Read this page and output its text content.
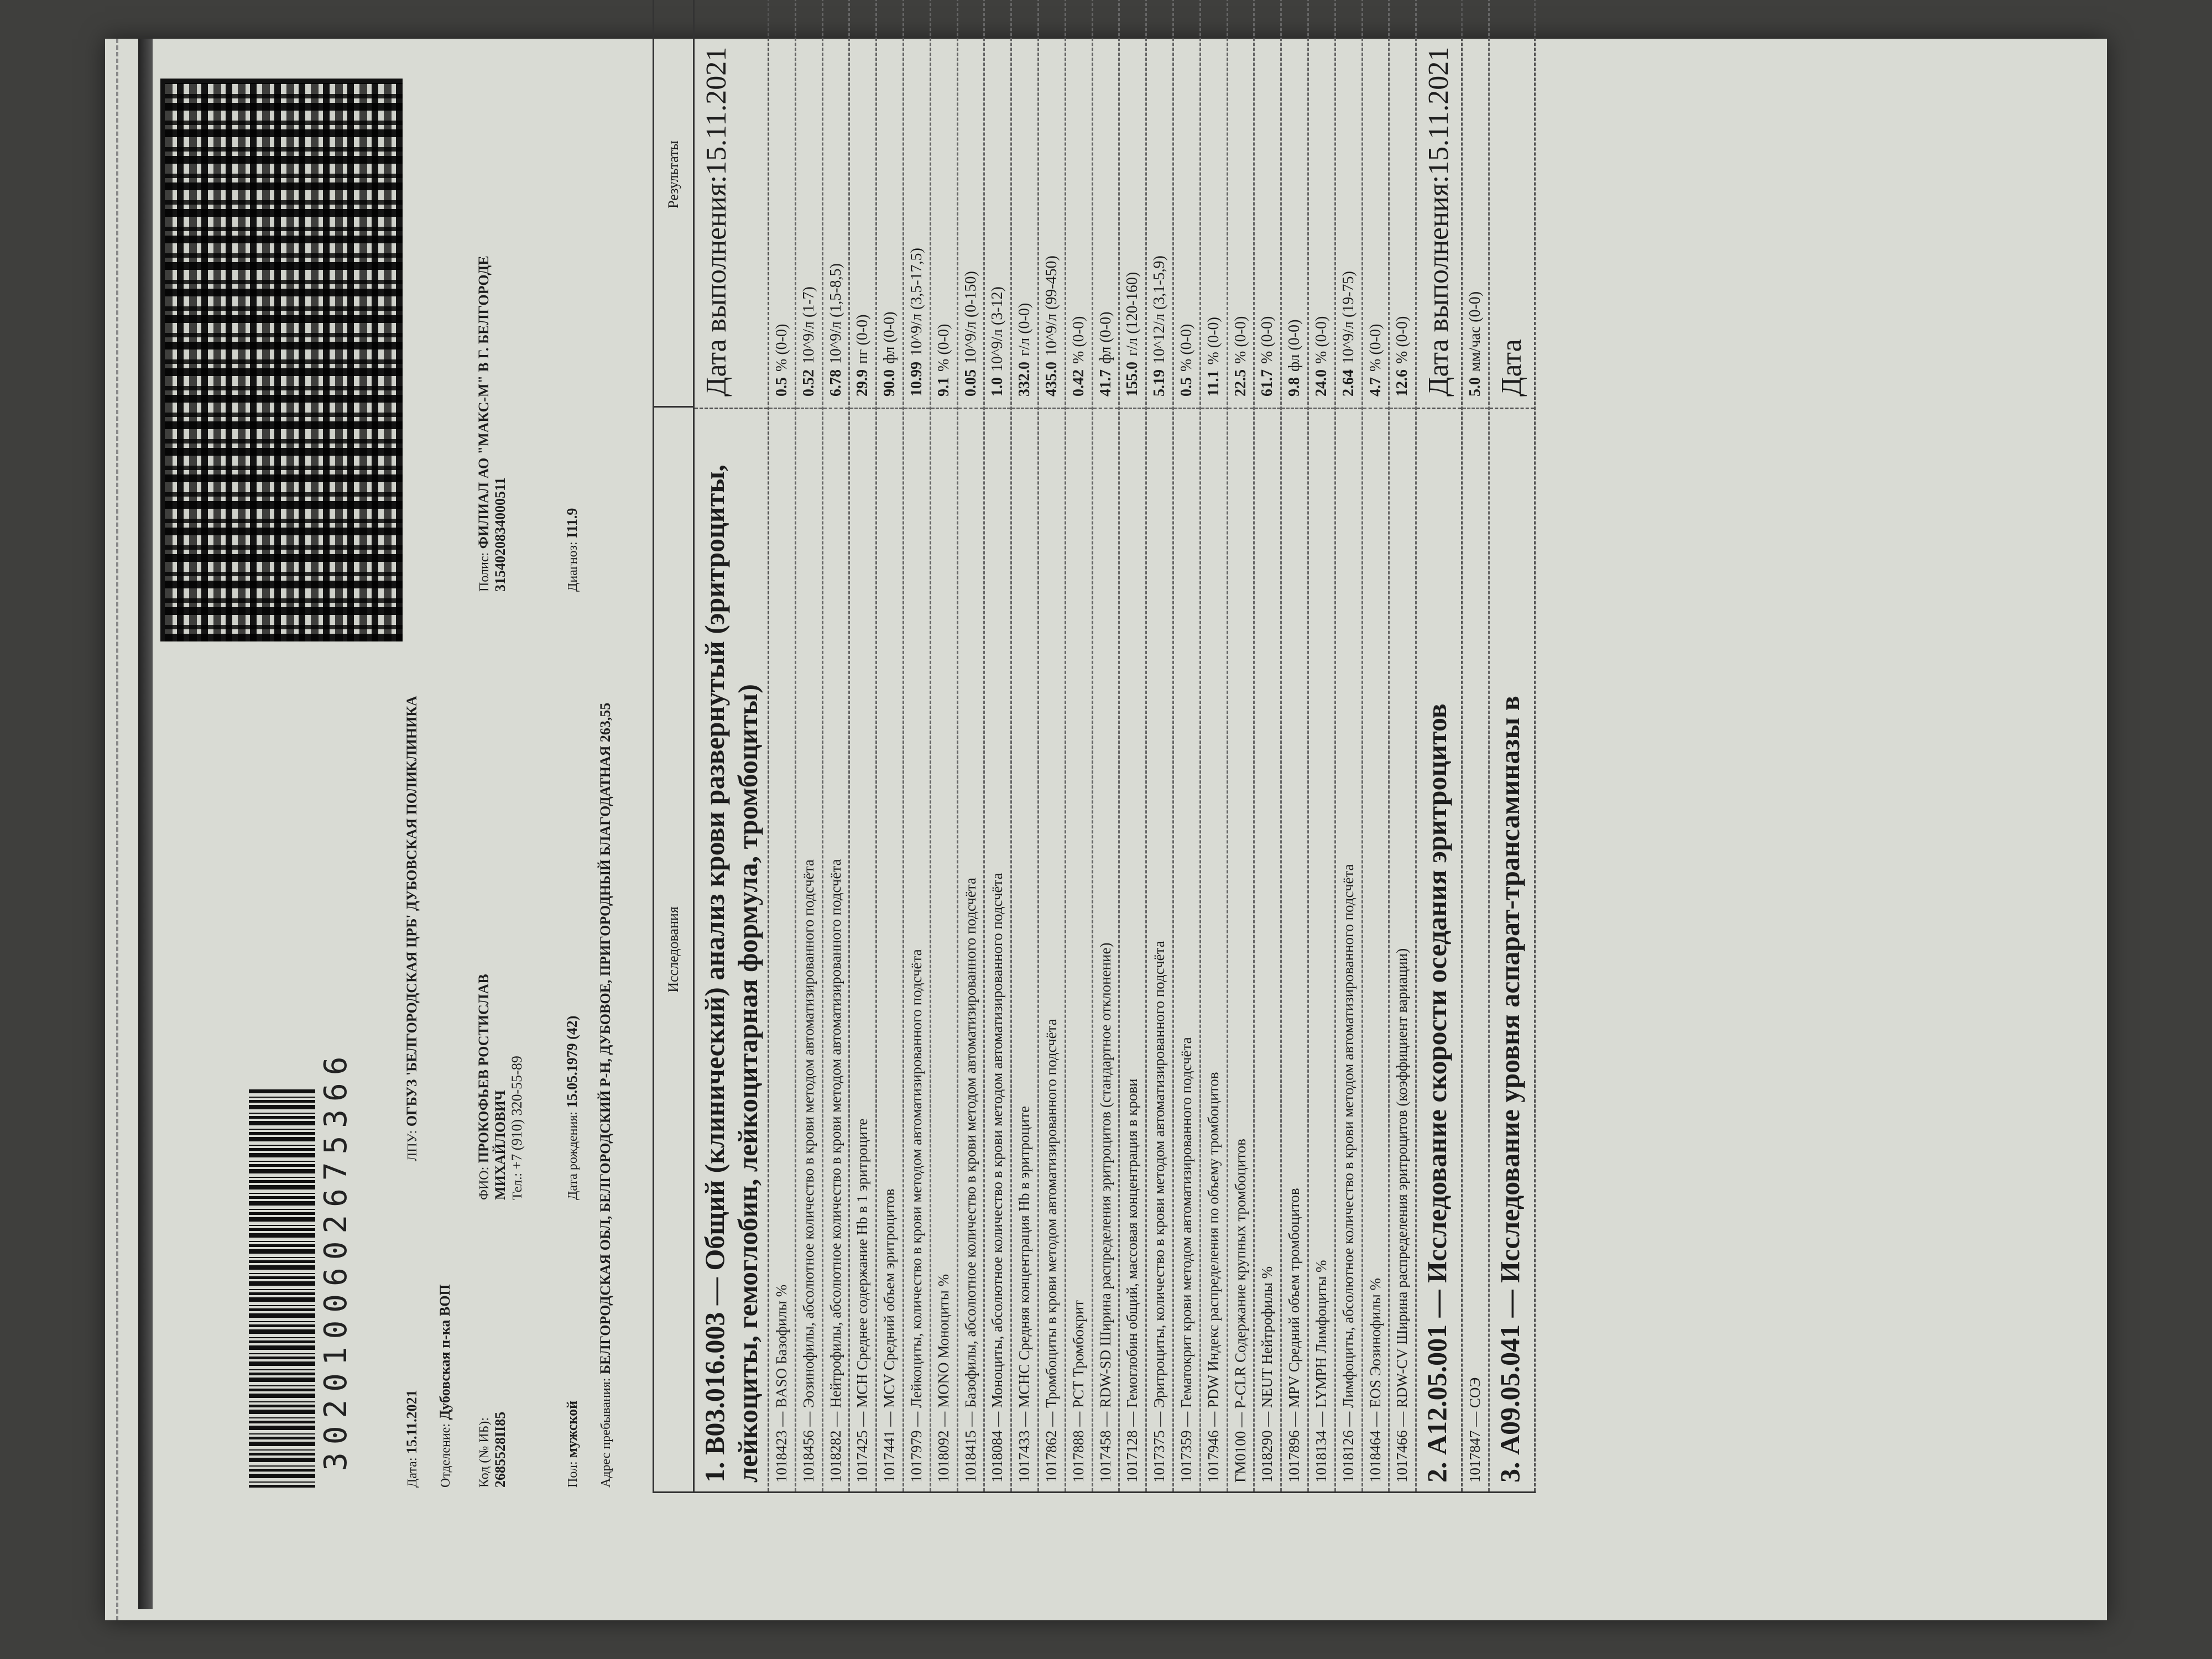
3020100602675366
Дата: 15.11.2021
ЛПУ: ОГБУЗ 'БЕЛГОРОДСКАЯ ЦРБ' ДУБОВСКАЯ ПОЛИКЛИНИКА
Отделение: Дубовская п-ка ВОП
Код (№ ИБ):
2685528II85
ФИО: ПРОКОФЬЕВ РОСТИСЛАВ
МИХАЙЛОВИЧ Тел.: +7 (910) 320-55-89
Полис: ФИЛИАЛ АО "МАКС-М" В Г. БЕЛГОРОДЕ
3154020834000511
Пол: мужской
Дата рождения: 15.05.1979 (42)
Диагноз: I11.9
Адрес пребывания: БЕЛГОРОДСКАЯ ОБЛ, БЕЛГОРОДСКИЙ Р-Н, ДУБОВОЕ, ПРИГОРОДНЫЙ БЛАГОДАТНАЯ 263,55	Исследования
Результаты
1. В03.016.003 — Общий (клинический) анализ крови развернутый (эритроциты, лейкоциты, гемоглобин, лейкоцитарная формула, тромбоциты)
Дата выполнения:15.11.2021
1018423 — BASO Базофилы %
0.5
% (0-0)
1018456 — Эозинофилы, абсолютное количество в крови методом автоматизированного подсчёта
0.52
10^9/л (1-7)
1018282 — Нейтрофилы, абсолютное количество в крови методом автоматизированного подсчёта
6.78
10^9/л (1,5-8,5)
1017425 — MCH Среднее содержание Hb в 1 эритроците
29.9
пг (0-0)
1017441 — MCV Средний объем эритроцитов
90.0
фл (0-0)
1017979 — Лейкоциты, количество в крови методом автоматизированного подсчёта
10.99
10^9/л (3,5-17,5)
1018092 — MONO Моноциты %
9.1
% (0-0)
1018415 — Базофилы, абсолютное количество в крови методом автоматизированного подсчёта
0.05
10^9/л (0-150)
1018084 — Моноциты, абсолютное количество в крови методом автоматизированного подсчёта
1.0
10^9/л (3-12)
1017433 — MCHC Средняя концентрация Hb в эритроците
332.0
г/л (0-0)
1017862 — Тромбоциты в крови методом автоматизированного подсчёта
435.0
10^9/л (99-450)
1017888 — PCT Тромбокрит
0.42
% (0-0)
1017458 — RDW-SD Ширина распределения эритроцитов (стандартное отклонение)
41.7
фл (0-0)
1017128 — Гемоглобин общий, массовая концентрация в крови
155.0
г/л (120-160)
1017375 — Эритроциты, количество в крови методом автоматизированного подсчёта
5.19
10^12/л (3,1-5,9)
1017359 — Гематокрит крови методом автоматизированного подсчёта
0.5
% (0-0)
1017946 — PDW Индекс распределения по объему тромбоцитов
11.1
% (0-0)
ГМ0100 — P-CLR Содержание крупных тромбоцитов
22.5
% (0-0)
1018290 — NEUT Нейтрофилы %
61.7
% (0-0)
1017896 — MPV Средний объем тромбоцитов
9.8
фл (0-0)
1018134 — LYMPH Лимфоциты %
24.0
% (0-0)
1018126 — Лимфоциты, абсолютное количество в крови методом автоматизированного подсчёта
2.64
10^9/л (19-75)
1018464 — EOS Эозинофилы %
4.7
% (0-0)
1017466 — RDW-CV Ширина распределения эритроцитов (коэффициент вариации)
12.6
% (0-0)
2. А12.05.001 — Исследование скорости оседания эритроцитов
Дата выполнения:15.11.2021
1017847 — СОЭ
5.0
мм/час (0-0)
3. А09.05.041 — Исследование уровня аспарат-трансаминазы в
Дата
